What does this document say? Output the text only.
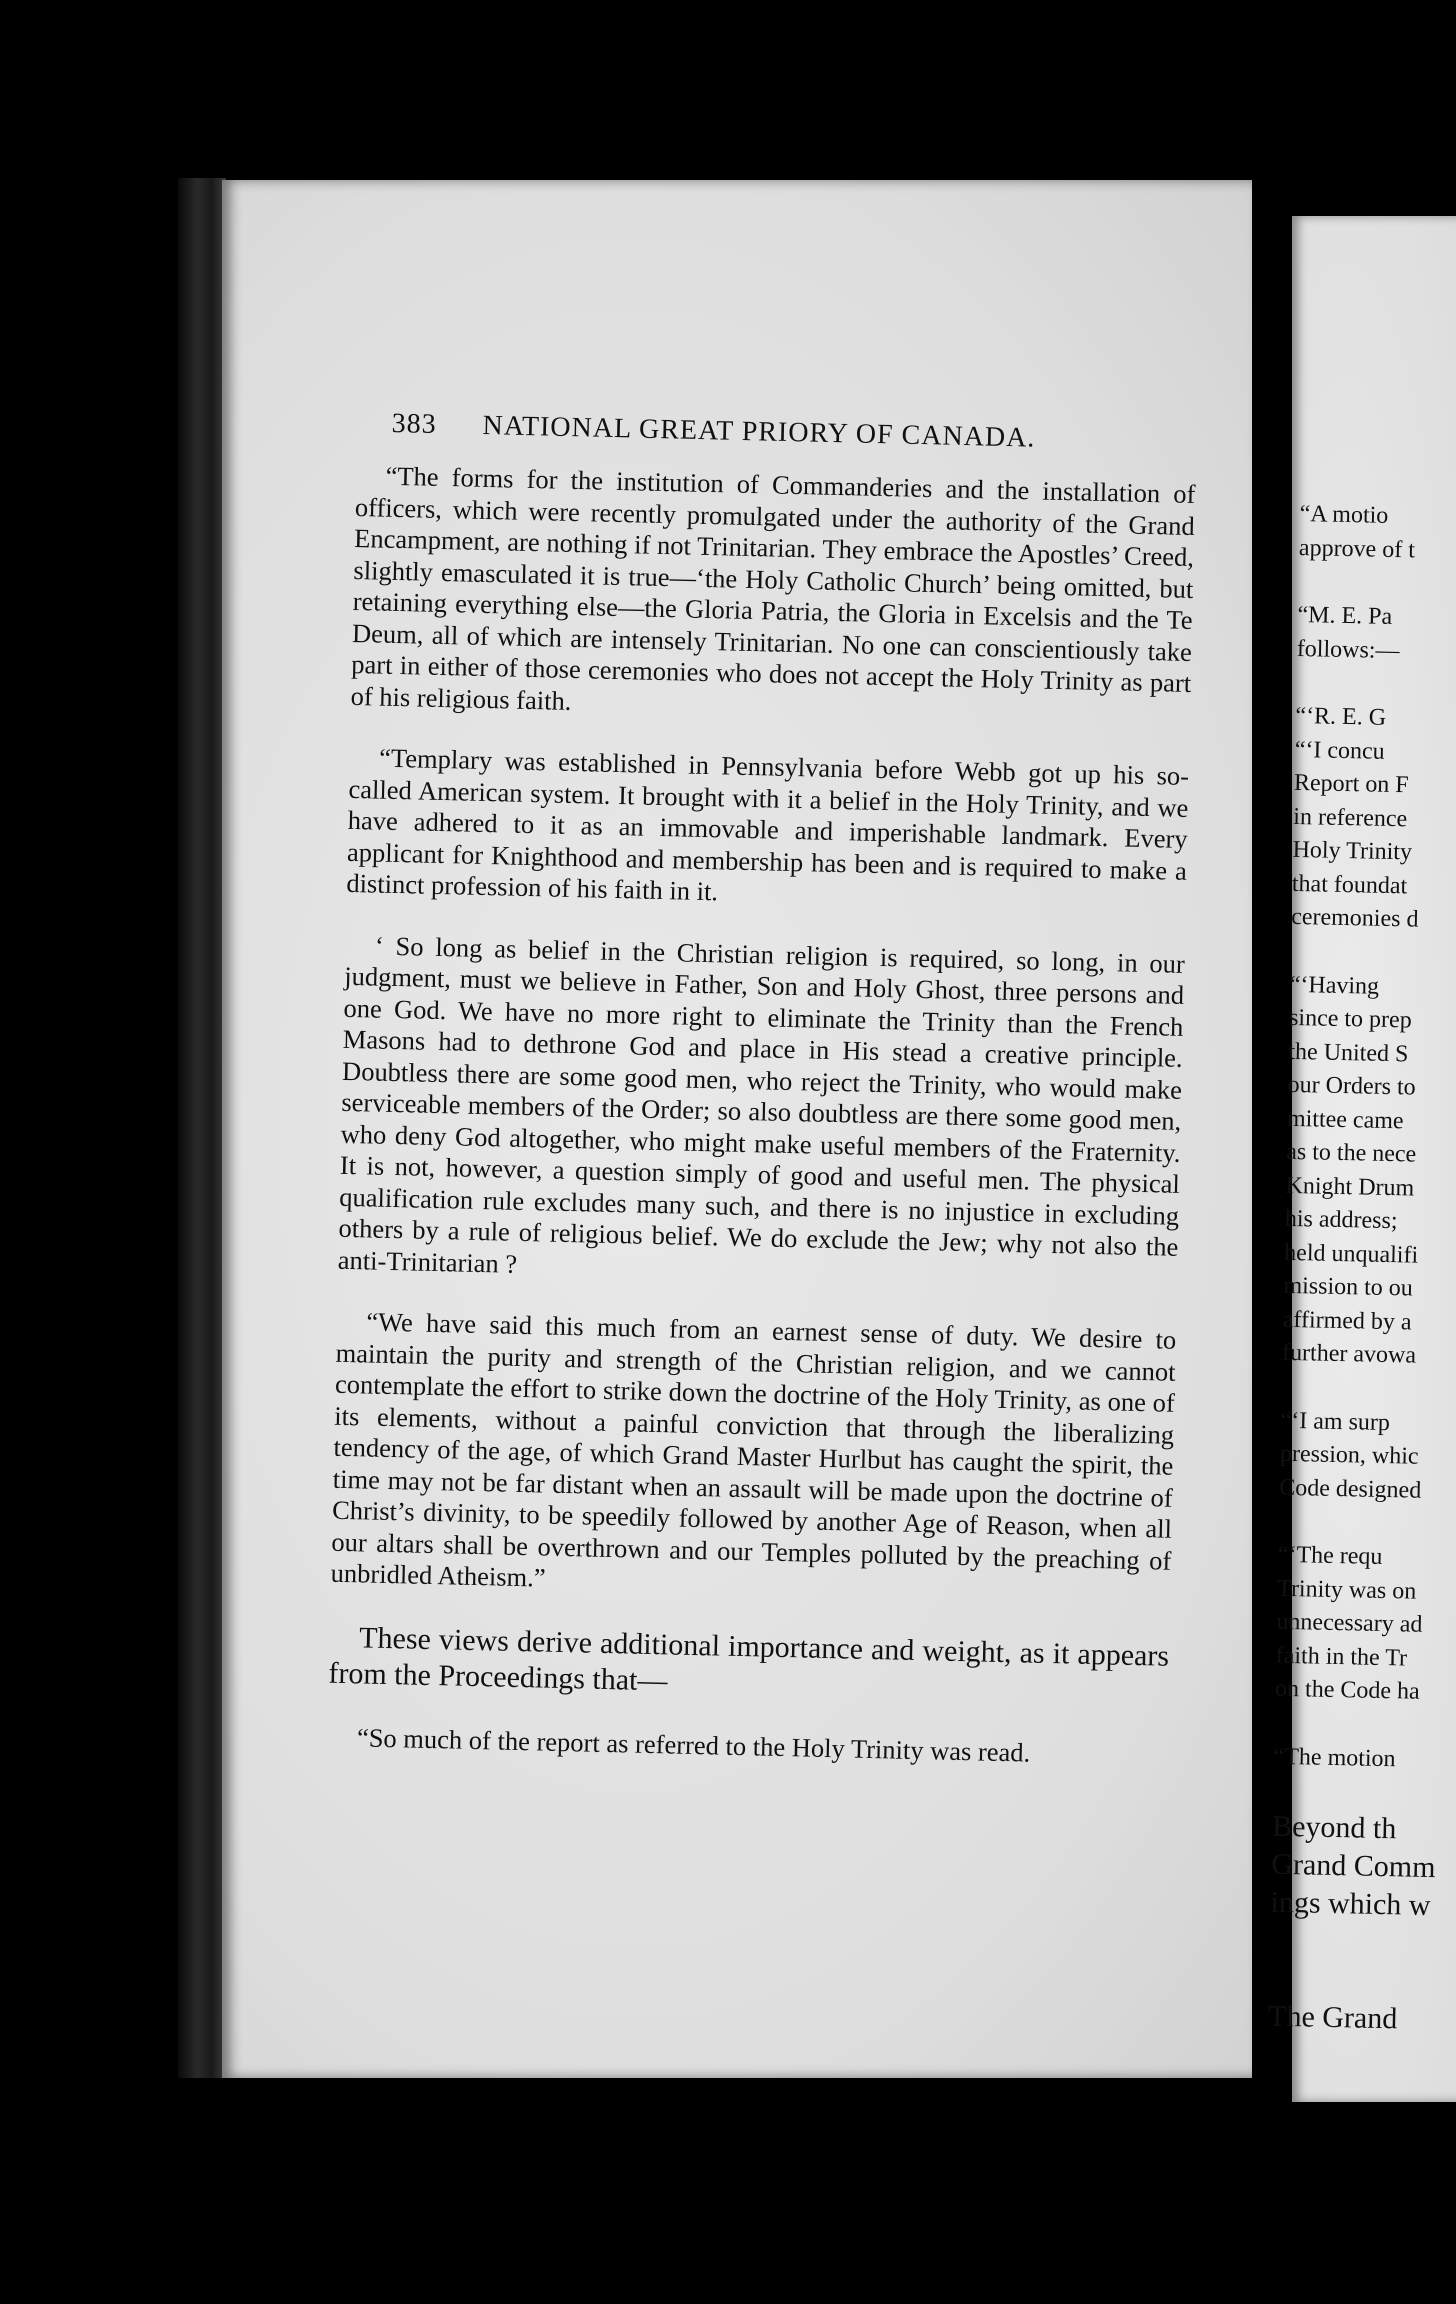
383 NATIONAL GREAT PRIORY OF CANADA.

“The forms for the institution of Commanderies and the installation of officers, which were recently promulgated under the authority of the Grand Encampment, are nothing if not Trinitarian. They embrace the Apostles’ Creed, slightly emasculated it is true—‘the Holy Catholic Church’ being omitted, but retaining everything else—the Gloria Patria, the Gloria in Excelsis and the Te Deum, all of which are intensely Trinitarian. No one can conscientiously take part in either of those ceremonies who does not accept the Holy Trinity as part of his religious faith.

“Templary was established in Pennsylvania before Webb got up his so-called American system. It brought with it a belief in the Holy Trinity, and we have adhered to it as an immovable and imperishable landmark. Every applicant for Knighthood and membership has been and is required to make a distinct profession of his faith in it.

‘ So long as belief in the Christian religion is required, so long, in our judgment, must we believe in Father, Son and Holy Ghost, three persons and one God. We have no more right to eliminate the Trinity than the French Masons had to dethrone God and place in His stead a creative principle. Doubtless there are some good men, who reject the Trinity, who would make serviceable members of the Order; so also doubtless are there some good men, who deny God altogether, who might make useful members of the Fraternity. It is not, however, a question simply of good and useful men. The physical qualification rule excludes many such, and there is no injustice in excluding others by a rule of religious belief. We do exclude the Jew; why not also the anti-Trinitarian ?

“We have said this much from an earnest sense of duty. We desire to maintain the purity and strength of the Christian religion, and we cannot contemplate the effort to strike down the doctrine of the Holy Trinity, as one of its elements, without a painful conviction that through the liberalizing tendency of the age, of which Grand Master Hurlbut has caught the spirit, the time may not be far distant when an assault will be made upon the doctrine of Christ’s divinity, to be speedily followed by another Age of Reason, when all our altars shall be overthrown and our Temples polluted by the preaching of unbridled Atheism.”

These views derive additional importance and weight, as it appears from the Proceedings that—

“So much of the report as referred to the Holy Trinity was read.

“A motio
approve of t
“M. E. Pa
follows:—
“‘R. E. G
“‘I concu
Report on F
in reference
Holy Trinity
that foundat
ceremonies d
“‘Having
since to prep
the United S
our Orders to
mittee came
as to the nece
Knight Drum
his address;
held unqualifi
mission to ou
affirmed by a
further avowa
“‘I am surp
pression, whic
Code designed
“‘The requ
Trinity was on
unnecessary ad
faith in the Tr
on the Code ha
“The motion
Beyond th
Grand Comm
ings which w
The Grand
